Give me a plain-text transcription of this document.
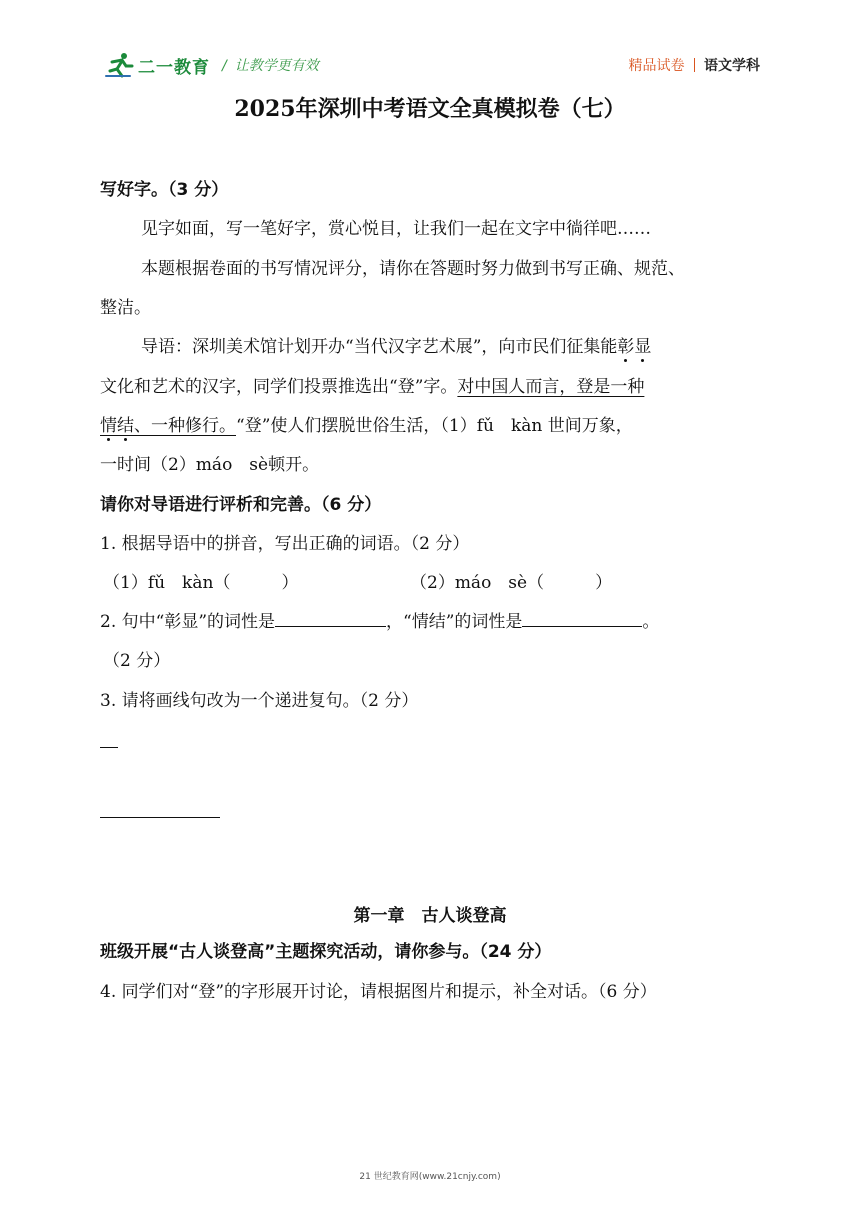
二一教育 / 让教学更有效	精品试卷 语文学科
2025年深圳中考语文全真模拟卷（七）
写好字。（3 分）
见字如面，写一笔好字，赏心悦目，让我们一起在文字中徜徉吧……
本题根据卷面的书写情况评分，请你在答题时努力做到书写正确、规范、
整洁。
导语：深圳美术馆计划开办“当代汉字艺术展”，向市民们征集能彰显
文化和艺术的汉字，同学们投票推选出“登”字。对中国人而言，登是一种
情结、一种修行。“登”使人们摆脱世俗生活，（1）fǔ　kàn 世间万象，
一时间（2）máo　sè顿开。
请你对导语进行评析和完善。（6 分）
1. 根据导语中的拼音，写出正确的词语。（2 分）
（1）fǔ　kàn（　　　）	（2）máo　sè（　　　）
2. 句中“彰显”的词性是	，“情结”的词性是	。
（2 分）
3. 请将画线句改为一个递进复句。（2 分）
第一章　古人谈登高
班级开展“古人谈登高”主题探究活动，请你参与。（24 分）
4. 同学们对“登”的字形展开讨论，请根据图片和提示，补全对话。（6 分）
21 世纪教育网(www.21cnjy.com)
